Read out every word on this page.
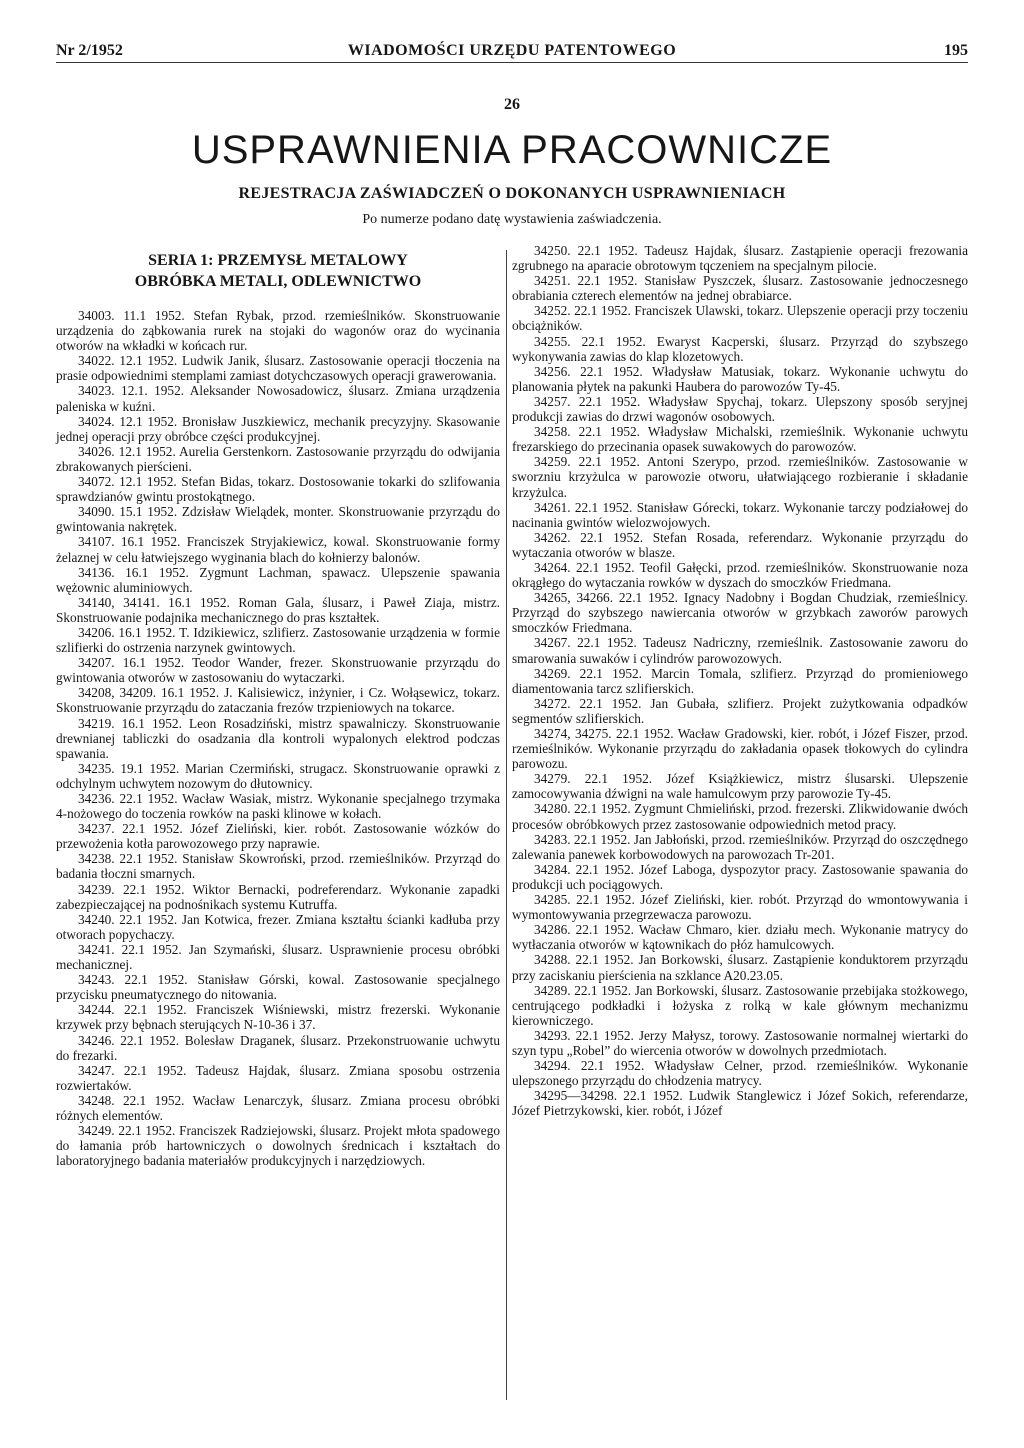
Nr 2/1952	WIADOMOŚCI URZĘDU PATENTOWEGO	195
26
USPRAWNIENIA PRACOWNICZE
REJESTRACJA ZAŚWIADCZEŃ O DOKONANYCH USPRAWNIENIACH
Po numerze podano datę wystawienia zaświadczenia.
SERIA 1: PRZEMYSŁ METALOWY
OBRÓBKA METALI, ODLEWNICTWO

34003. 11.1 1952. Stefan Rybak, przod. rzemieślników. Skonstruowanie urządzenia do ząbkowania rurek na stojaki do wagonów oraz do wycinania otworów na wkładki w końcach rur.

34022. 12.1 1952. Ludwik Janik, ślusarz. Zastosowanie operacji tłoczenia na prasie odpowiednimi stemplami zamiast dotychczasowych operacji grawerowania.

34023. 12.1. 1952. Aleksander Nowosadowicz, ślusarz. Zmiana urządzenia paleniska w kuźni.

34024. 12.1 1952. Bronisław Juszkiewicz, mechanik precyzyjny. Skasowanie jednej operacji przy obróbce części produkcyjnej.

34026. 12.1 1952. Aurelia Gerstenkorn. Zastosowanie przyrządu do odwijania zbrakowanych pierścieni.

34072. 12.1 1952. Stefan Bidas, tokarz. Dostosowanie tokarki do szlifowania sprawdzianów gwintu prostokątnego.

34090. 15.1 1952. Zdzisław Wielądek, monter. Skonstruowanie przyrządu do gwintowania nakrętek.

34107. 16.1 1952. Franciszek Stryjakiewicz, kowal. Skonstruowanie formy żelaznej w celu łatwiejszego wyginania blach do kołnierzy balonów.

34136. 16.1 1952. Zygmunt Lachman, spawacz. Ulepszenie spawania wężownic aluminiowych.

34140, 34141. 16.1 1952. Roman Gala, ślusarz, i Paweł Ziaja, mistrz. Skonstruowanie podajnika mechanicznego do pras kształtek.

34206. 16.1 1952. T. Idzikiewicz, szlifierz. Zastosowanie urządzenia w formie szlifierki do ostrzenia narzynek gwintowych.

34207. 16.1 1952. Teodor Wander, frezer. Skonstruowanie przyrządu do gwintowania otworów w zastosowaniu do wytaczarki.

34208, 34209. 16.1 1952. J. Kalisiewicz, inżynier, i Cz. Wołąsewicz, tokarz. Skonstruowanie przyrządu do zataczania frezów trzpieniowych na tokarce.

34219. 16.1 1952. Leon Rosadziński, mistrz spawalniczy. Skonstruowanie drewnianej tabliczki do osadzania dla kontroli wypalonych elektrod podczas spawania.

34235. 19.1 1952. Marian Czermiński, strugacz. Skonstruowanie oprawki z odchylnym uchwytem nozowym do dłutownicy.

34236. 22.1 1952. Wacław Wasiak, mistrz. Wykonanie specjalnego trzymaka 4-nożowego do toczenia rowków na paski klinowe w kołach.

34237. 22.1 1952. Józef Zieliński, kier. robót. Zastosowanie wózków do przewożenia kotła parowozowego przy naprawie.

34238. 22.1 1952. Stanisław Skowroński, przod. rzemieślników. Przyrząd do badania tłoczni smarnych.

34239. 22.1 1952. Wiktor Bernacki, podreferendarz. Wykonanie zapadki zabezpieczającej na podnośnikach systemu Kutruffa.

34240. 22.1 1952. Jan Kotwica, frezer. Zmiana kształtu ścianki kadłuba przy otworach popychaczy.

34241. 22.1 1952. Jan Szymański, ślusarz. Usprawnienie procesu obróbki mechanicznej.

34243. 22.1 1952. Stanisław Górski, kowal. Zastosowanie specjalnego przycisku pneumatycznego do nitowania.

34244. 22.1 1952. Franciszek Wiśniewski, mistrz frezerski. Wykonanie krzywek przy bębnach sterujących N-10-36 i 37.

34246. 22.1 1952. Bolesław Draganek, ślusarz. Przekonstruowanie uchwytu do frezarki.

34247. 22.1 1952. Tadeusz Hajdak, ślusarz. Zmiana sposobu ostrzenia rozwiertaków.

34248. 22.1 1952. Wacław Lenarczyk, ślusarz. Zmiana procesu obróbki różnych elementów.

34249. 22.1 1952. Franciszek Radziejowski, ślusarz. Projekt młota spadowego do łamania prób hartowniczych o dowolnych średnicach i kształtach do laboratoryjnego badania materiałów produkcyjnych i narzędziowych.

34250. 22.1 1952. Tadeusz Hajdak, ślusarz. Zastąpienie operacji frezowania zgrubnego na aparacie obrotowym tqczeniem na specjalnym pilocie.

34251. 22.1 1952. Stanisław Pyszczek, ślusarz. Zastosowanie jednoczesnego obrabiania czterech elementów na jednej obrabiarce.

34252. 22.1 1952. Franciszek Ulawski, tokarz. Ulepszenie operacji przy toczeniu obciążników.

34255. 22.1 1952. Ewaryst Kacperski, ślusarz. Przyrząd do szybszego wykonywania zawias do klap klozetowych.

34256. 22.1 1952. Władysław Matusiak, tokarz. Wykonanie uchwytu do planowania płytek na pakunki Haubera do parowozów Ty-45.

34257. 22.1 1952. Władysław Spychaj, tokarz. Ulepszony sposób seryjnej produkcji zawias do drzwi wagonów osobowych.

34258. 22.1 1952. Władysław Michalski, rzemieślnik. Wykonanie uchwytu frezarskiego do przecinania opasek suwakowych do parowozów.

34259. 22.1 1952. Antoni Szerypo, przod. rzemieślników. Zastosowanie w sworzniu krzyżulca w parowozie otworu, ułatwiającego rozbieranie i składanie krzyżulca.

34261. 22.1 1952. Stanisław Górecki, tokarz. Wykonanie tarczy podziałowej do nacinania gwintów wielozwojowych.

34262. 22.1 1952. Stefan Rosada, referendarz. Wykonanie przyrządu do wytaczania otworów w blasze.

34264. 22.1 1952. Teofil Gałęcki, przod. rzemieślników. Skonstruowanie noza okrągłego do wytaczania rowków w dyszach do smoczków Friedmana.

34265, 34266. 22.1 1952. Ignacy Nadobny i Bogdan Chudziak, rzemieślnicy. Przyrząd do szybszego nawiercania otworów w grzybkach zaworów parowych smoczków Friedmana.

34267. 22.1 1952. Tadeusz Nadriczny, rzemieślnik. Zastosowanie zaworu do smarowania suwaków i cylindrów parowozowych.

34269. 22.1 1952. Marcin Tomala, szlifierz. Przyrząd do promieniowego diamentowania tarcz szlifierskich.

34272. 22.1 1952. Jan Gubała, szlifierz. Projekt zużytkowania odpadków segmentów szlifierskich.

34274, 34275. 22.1 1952. Wacław Gradowski, kier. robót, i Józef Fiszer, przod. rzemieślników. Wykonanie przyrządu do zakładania opasek tłokowych do cylindra parowozu.

34279. 22.1 1952. Józef Książkiewicz, mistrz ślusarski. Ulepszenie zamocowywania dźwigni na wale hamulcowym przy parowozie Ty-45.

34280. 22.1 1952. Zygmunt Chmieliński, przod. frezerski. Zlikwidowanie dwóch procesów obróbkowych przez zastosowanie odpowiednich metod pracy.

34283. 22.1 1952. Jan Jabłoński, przod. rzemieślników. Przyrząd do oszczędnego zalewania panewek korbowodowych na parowozach Tr-201.

34284. 22.1 1952. Józef Laboga, dyspozytor pracy. Zastosowanie spawania do produkcji uch pociągowych.

34285. 22.1 1952. Józef Zieliński, kier. robót. Przyrząd do wmontowywania i wymontowywania przegrzewacza parowozu.

34286. 22.1 1952. Wacław Chmaro, kier. działu mech. Wykonanie matrycy do wytłaczania otworów w kątownikach do płóz hamulcowych.

34288. 22.1 1952. Jan Borkowski, ślusarz. Zastąpienie konduktorem przyrządu przy zaciskaniu pierścienia na szklance A20.23.05.

34289. 22.1 1952. Jan Borkowski, ślusarz. Zastosowanie przebijaka stożkowego, centrującego podkładki i łożyska z rolką w kale głównym mechanizmu kierowniczego.

34293. 22.1 1952. Jerzy Małysz, torowy. Zastosowanie normalnej wiertarki do szyn typu „Robel” do wiercenia otworów w dowolnych przedmiotach.

34294. 22.1 1952. Władysław Celner, przod. rzemieślników. Wykonanie ulepszonego przyrządu do chłodzenia matrycy.

34295—34298. 22.1 1952. Ludwik Stanglewicz i Józef Sokich, referendarze, Józef Pietrzykowski, kier. robót, i Józef
